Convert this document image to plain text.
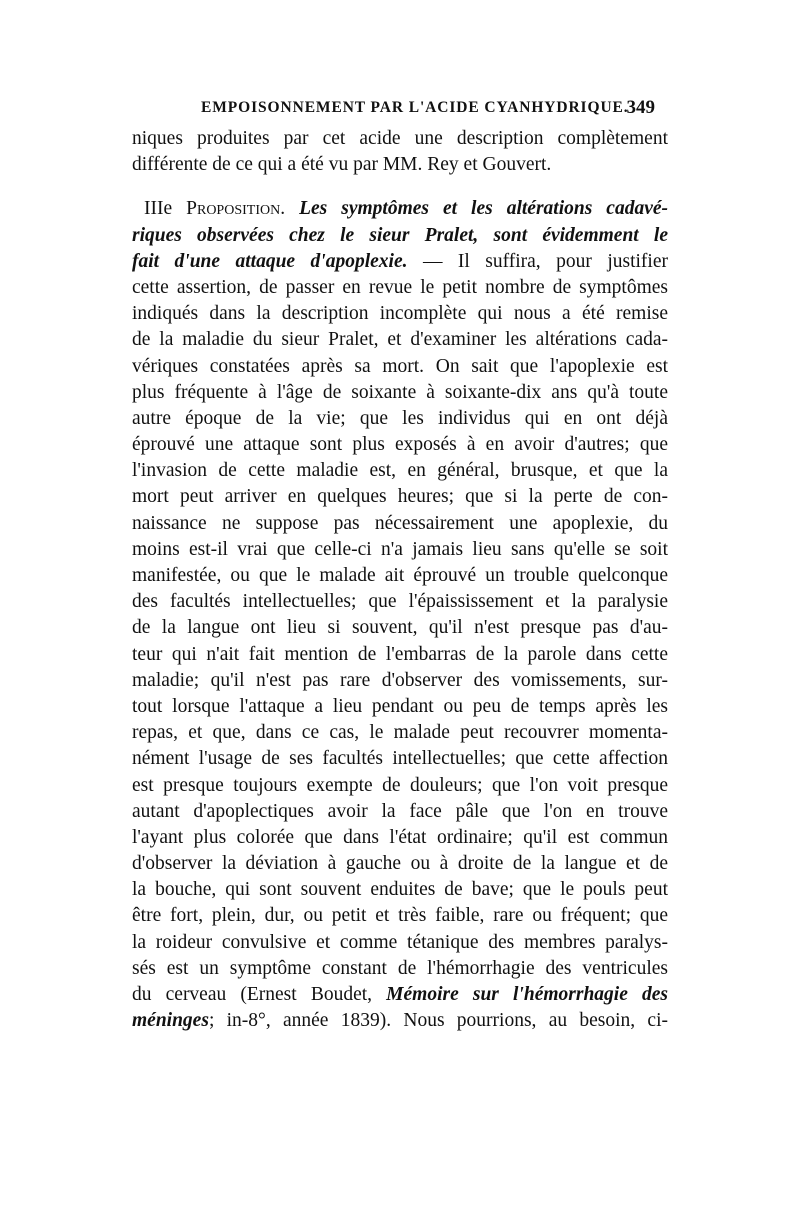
EMPOISONNEMENT PAR L'ACIDE CYANHYDRIQUE.
349
niques produites par cet acide une description complètement
différente de ce qui a été vu par MM. Rey et Gouvert.
IIIe Proposition. Les symptômes et les altérations cadavé-
riques observées chez le sieur Pralet, sont évidemment le
fait d'une attaque d'apoplexie. — Il suffira, pour justifier
cette assertion, de passer en revue le petit nombre de symptômes
indiqués dans la description incomplète qui nous a été remise
de la maladie du sieur Pralet, et d'examiner les altérations cada-
vériques constatées après sa mort. On sait que l'apoplexie est
plus fréquente à l'âge de soixante à soixante-dix ans qu'à toute
autre époque de la vie; que les individus qui en ont déjà
éprouvé une attaque sont plus exposés à en avoir d'autres; que
l'invasion de cette maladie est, en général, brusque, et que la
mort peut arriver en quelques heures; que si la perte de con-
naissance ne suppose pas nécessairement une apoplexie, du
moins est-il vrai que celle-ci n'a jamais lieu sans qu'elle se soit
manifestée, ou que le malade ait éprouvé un trouble quelconque
des facultés intellectuelles; que l'épaississement et la paralysie
de la langue ont lieu si souvent, qu'il n'est presque pas d'au-
teur qui n'ait fait mention de l'embarras de la parole dans cette
maladie; qu'il n'est pas rare d'observer des vomissements, sur-
tout lorsque l'attaque a lieu pendant ou peu de temps après les
repas, et que, dans ce cas, le malade peut recouvrer momenta-
nément l'usage de ses facultés intellectuelles; que cette affection
est presque toujours exempte de douleurs; que l'on voit presque
autant d'apoplectiques avoir la face pâle que l'on en trouve
l'ayant plus colorée que dans l'état ordinaire; qu'il est commun
d'observer la déviation à gauche ou à droite de la langue et de
la bouche, qui sont souvent enduites de bave; que le pouls peut
être fort, plein, dur, ou petit et très faible, rare ou fréquent; que
la roideur convulsive et comme tétanique des membres paralys-
sés est un symptôme constant de l'hémorrhagie des ventricules
du cerveau (Ernest Boudet, Mémoire sur l'hémorrhagie des
méninges; in-8°, année 1839). Nous pourrions, au besoin, ci-
